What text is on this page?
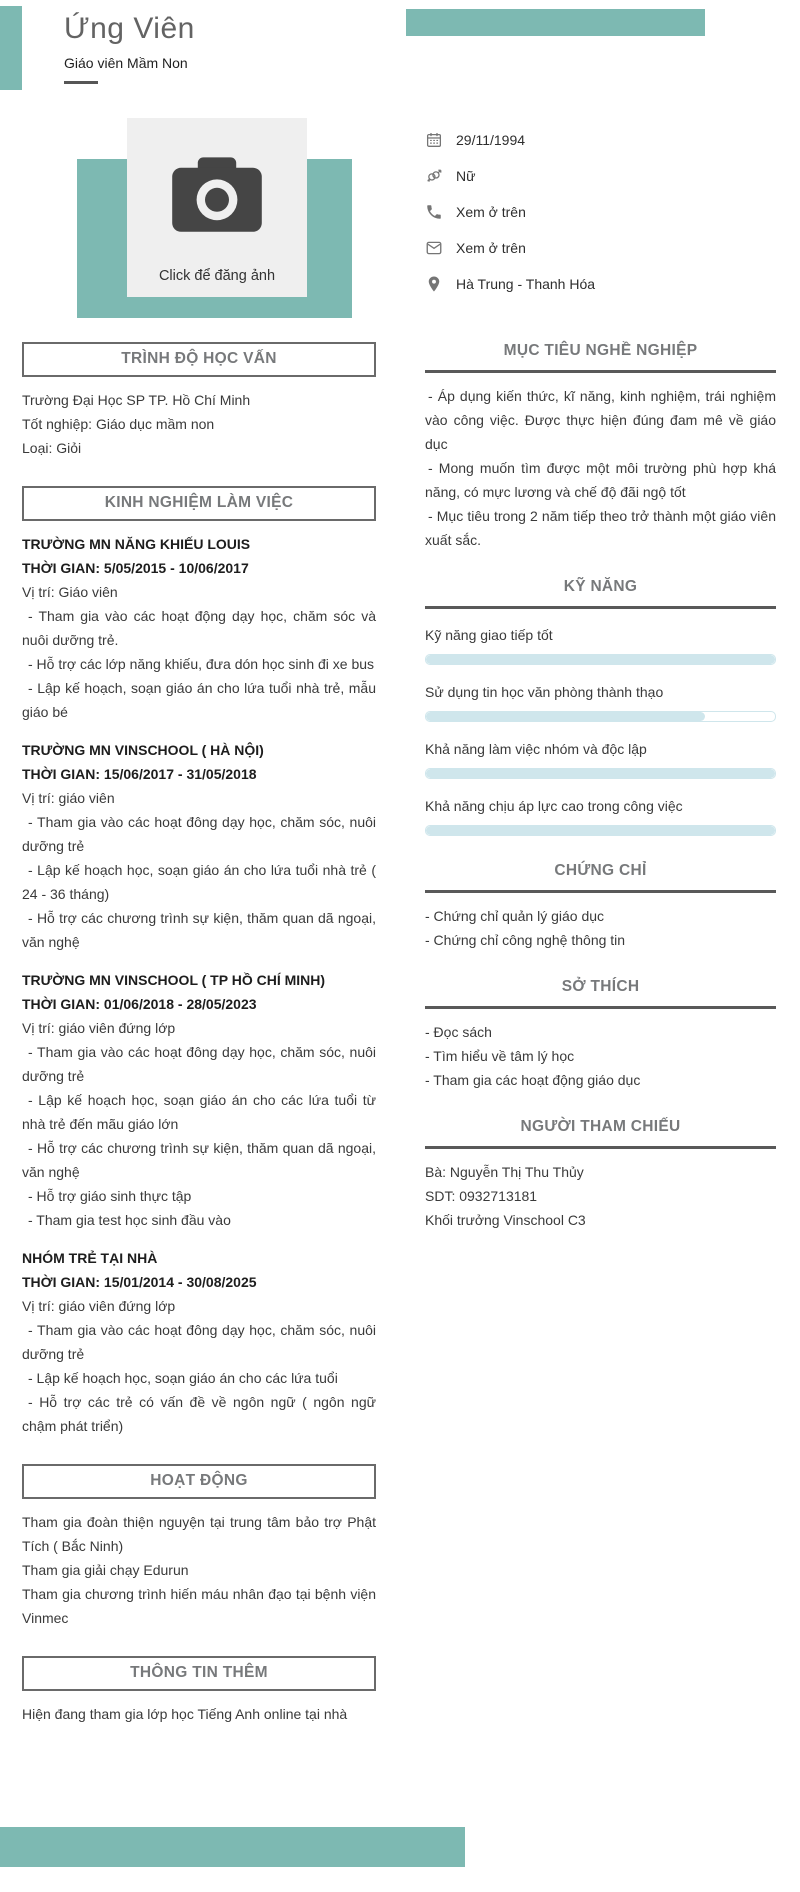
Ứng Viên
Giáo viên Mầm Non
Click để đăng ảnh
29/11/1994
Nữ
Xem ở trên
Xem ở trên
Hà Trung - Thanh Hóa
TRÌNH ĐỘ HỌC VẤN

Trường Đại Học SP TP. Hồ Chí Minh

Tốt nghiệp: Giáo dục mầm non

Loại: Giỏi

KINH NGHIỆM LÀM VIỆC

TRƯỜNG MN NĂNG KHIẾU LOUIS

THỜI GIAN: 5/05/2015 - 10/06/2017

Vị trí: Giáo viên

- Tham gia vào các hoạt động dạy học, chăm sóc và nuôi dưỡng trẻ.

- Hỗ trợ các lớp năng khiếu, đưa dón học sinh đi xe bus

- Lập kế hoạch, soạn giáo án cho lứa tuổi nhà trẻ, mẫu giáo bé

TRƯỜNG MN VINSCHOOL ( HÀ NỘI)

THỜI GIAN: 15/06/2017 - 31/05/2018

Vị trí: giáo viên

- Tham gia vào các hoạt đông dạy học, chăm sóc, nuôi dưỡng trẻ

- Lập kế hoạch học, soạn giáo án cho lứa tuổi nhà trẻ ( 24 - 36 tháng)

- Hỗ trợ các chương trình sự kiện, thăm quan dã ngoại, văn nghệ

TRƯỜNG MN VINSCHOOL ( TP HỒ CHÍ MINH)

THỜI GIAN: 01/06/2018 - 28/05/2023

Vị trí: giáo viên đứng lớp

- Tham gia vào các hoạt đông dạy học, chăm sóc, nuôi dưỡng trẻ

- Lập kế hoạch học, soạn giáo án cho các lứa tuổi từ nhà trẻ đến mãu giáo lớn

- Hỗ trợ các chương trình sự kiện, thăm quan dã ngoại, văn nghệ

- Hỗ trợ giáo sinh thực tập

- Tham gia test học sinh đầu vào

NHÓM TRẺ TẠI NHÀ

THỜI GIAN: 15/01/2014 - 30/08/2025

Vị trí: giáo viên đứng lớp

- Tham gia vào các hoạt đông dạy học, chăm sóc, nuôi dưỡng trẻ

- Lập kế hoạch học, soạn giáo án cho các lứa tuổi

- Hỗ trợ các trẻ có vấn đề về ngôn ngữ ( ngôn ngữ chậm phát triển)

HOẠT ĐỘNG

Tham gia đoàn thiện nguyện tại trung tâm bảo trợ Phật Tích ( Bắc Ninh)

Tham gia giải chạy Edurun

Tham gia chương trình hiến máu nhân đạo tại bệnh viện Vinmec

THÔNG TIN THÊM

Hiện đang tham gia lớp học Tiếng Anh online tại nhà

MỤC TIÊU NGHỀ NGHIỆP

- Áp dụng kiến thức, kĩ năng, kinh nghiệm, trái nghiệm vào công việc. Được thực hiện đúng đam mê về giáo dục

- Mong muốn tìm được một môi trường phù hợp khá năng, có mực lương và chế độ đãi ngộ tốt

- Mục tiêu trong 2 năm tiếp theo trở thành một giáo viên xuất sắc.

KỸ NĂNG
Kỹ năng giao tiếp tốt
Sử dụng tin học văn phòng thành thạo
Khả năng làm việc nhóm và độc lập
Khả năng chịu áp lực cao trong công việc
CHỨNG CHỈ

- Chứng chỉ quản lý giáo dục

- Chứng chỉ công nghệ thông tin

SỞ THÍCH

- Đọc sách

- Tìm hiểu về tâm lý học

- Tham gia các hoạt động giáo dục

NGƯỜI THAM CHIẾU

Bà: Nguyễn Thị Thu Thủy

SDT: 0932713181

Khối trưởng Vinschool C3
